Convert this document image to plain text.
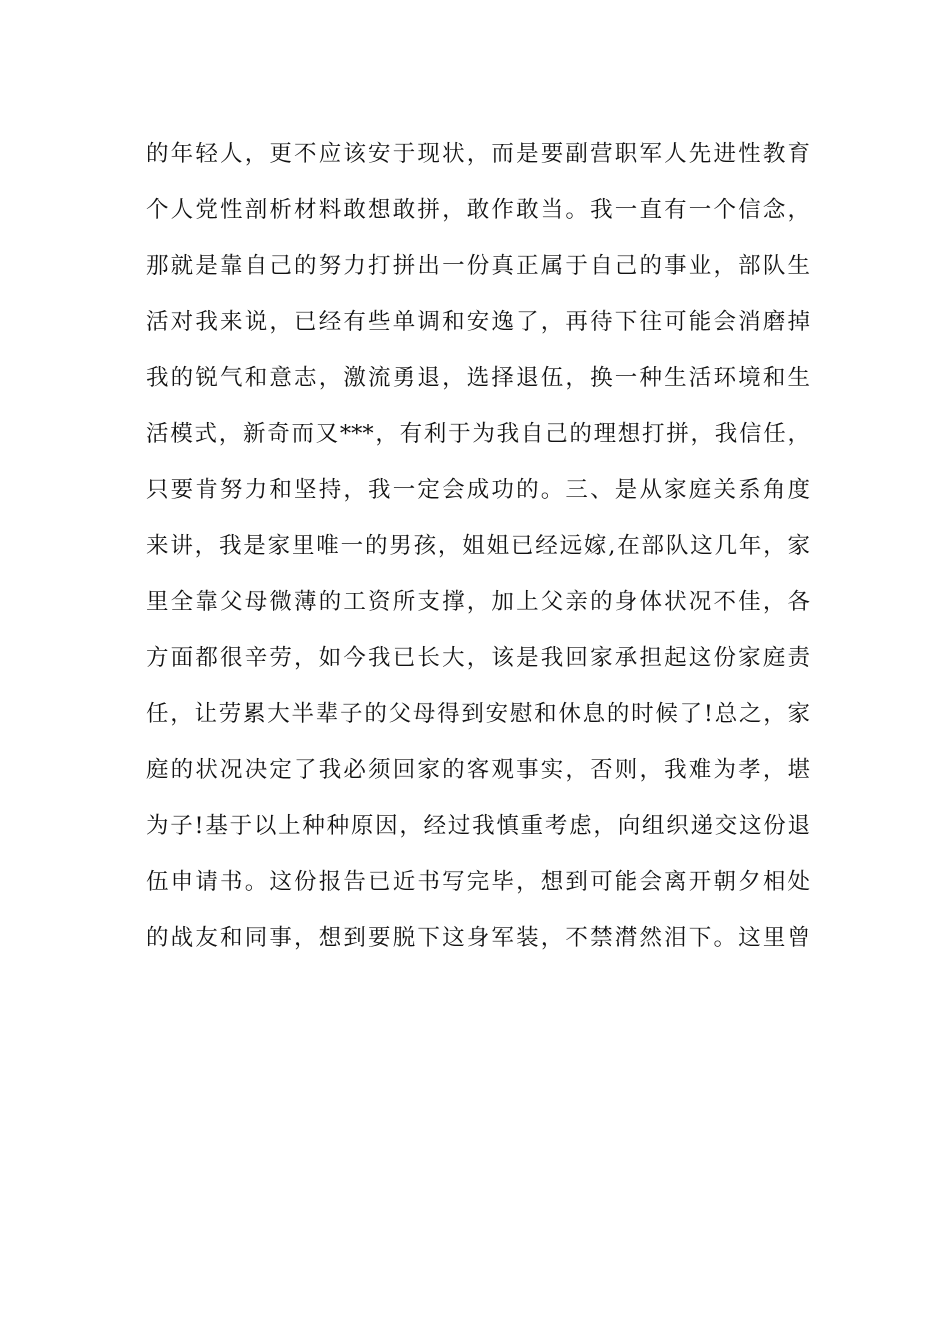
的年轻人，更不应该安于现状，而是要副营职军人先进性教育
个人党性剖析材料敢想敢拼，敢作敢当。我一直有一个信念，
那就是靠自己的努力打拼出一份真正属于自己的事业，部队生
活对我来说，已经有些单调和安逸了，再待下往可能会消磨掉
我的锐气和意志，激流勇退，选择退伍，换一种生活环境和生
活模式，新奇而又***，有利于为我自己的理想打拼，我信任，
只要肯努力和坚持，我一定会成功的。三、是从家庭关系角度
来讲，我是家里唯一的男孩，姐姐已经远嫁,在部队这几年，家
里全靠父母微薄的工资所支撑，加上父亲的身体状况不佳，各
方面都很辛劳，如今我已长大，该是我回家承担起这份家庭责
任，让劳累大半辈子的父母得到安慰和休息的时候了!总之，家
庭的状况决定了我必须回家的客观事实，否则，我难为孝，堪
为子!基于以上种种原因，经过我慎重考虑，向组织递交这份退
伍申请书。这份报告已近书写完毕，想到可能会离开朝夕相处
的战友和同事，想到要脱下这身军装，不禁潸然泪下。这里曾
